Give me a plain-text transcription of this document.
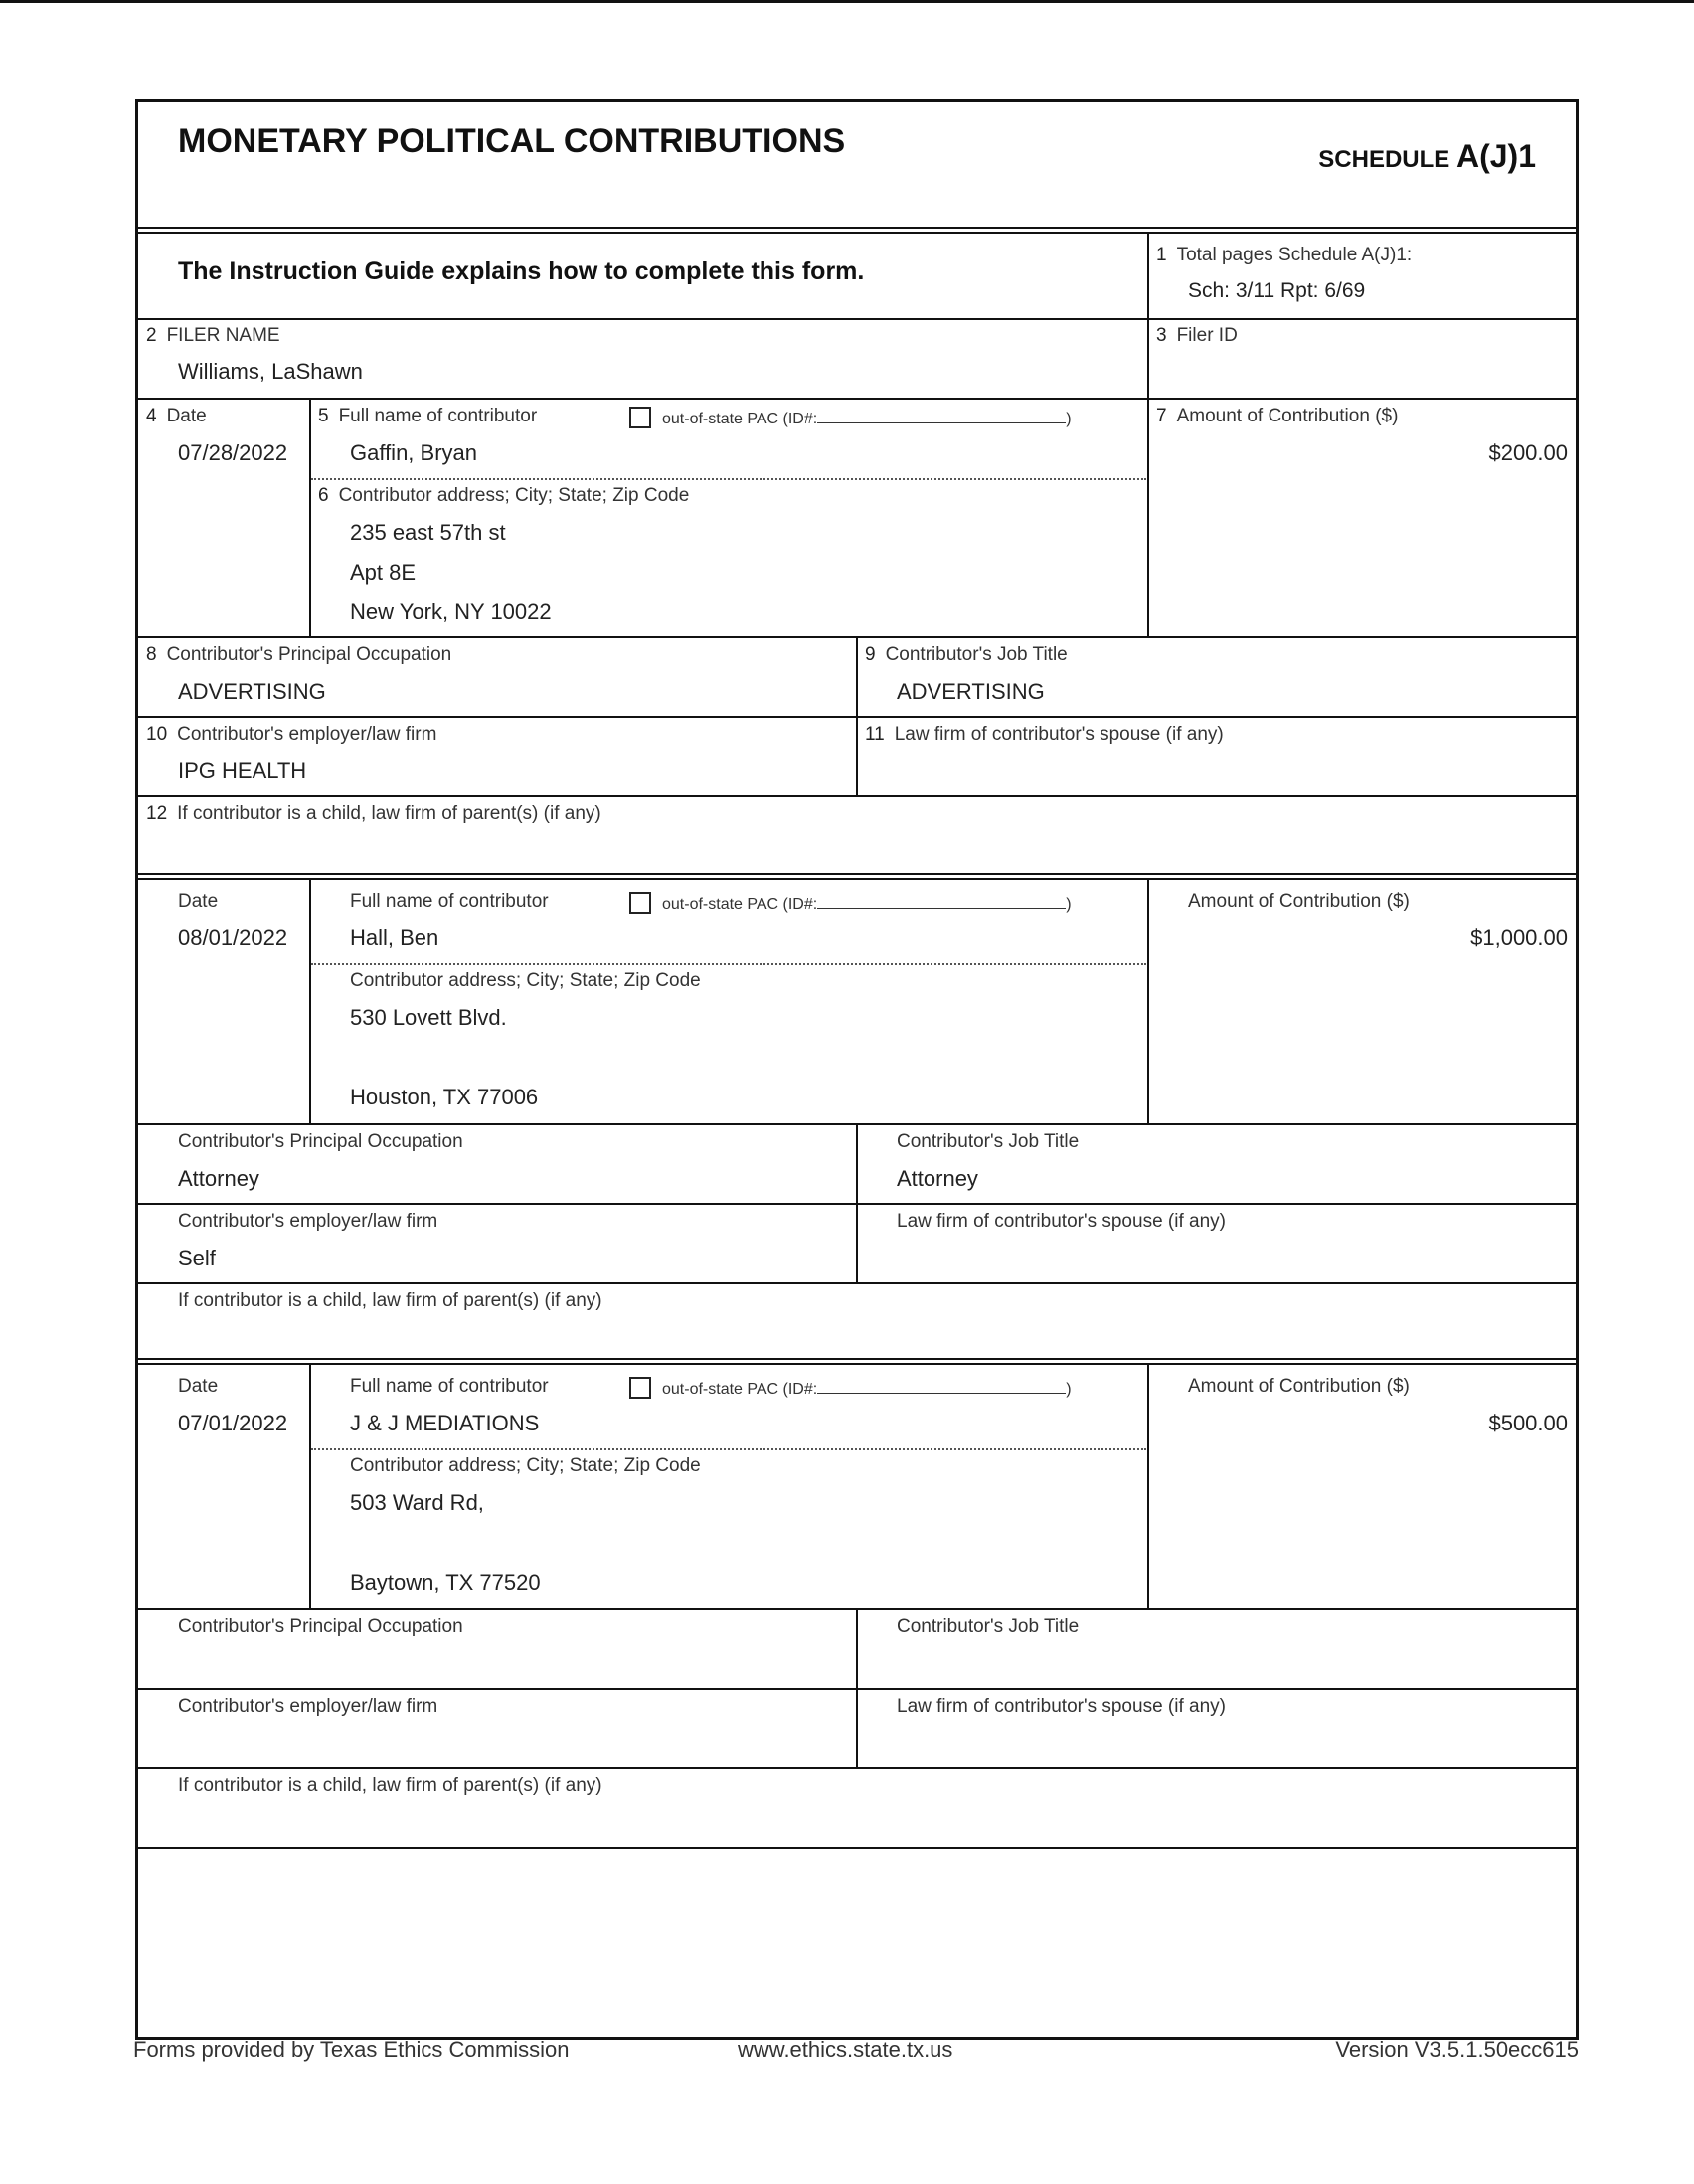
MONETARY POLITICAL CONTRIBUTIONS	SCHEDULE A(J)1
The Instruction Guide explains how to complete this form.
1 Total pages Schedule A(J)1:
Sch: 3/11 Rpt: 6/69
2 FILER NAME
Williams, LaShawn
3 Filer ID
4 Date
07/28/2022
5 Full name of contributor	out-of-state PAC (ID#:	)
Gaffin, Bryan
7 Amount of Contribution ($)
$200.00
6 Contributor address; City; State; Zip Code
235 east 57th st
Apt 8E
New York, NY 10022
8 Contributor's Principal Occupation
ADVERTISING
9 Contributor's Job Title
ADVERTISING
10 Contributor's employer/law firm
IPG HEALTH
11 Law firm of contributor's spouse (if any)
12 If contributor is a child, law firm of parent(s) (if any)
Date
08/01/2022
Full name of contributor	out-of-state PAC (ID#:	)
Hall, Ben
Amount of Contribution ($)
$1,000.00
Contributor address; City; State; Zip Code
530 Lovett Blvd.
Houston, TX 77006
Contributor's Principal Occupation
Attorney
Contributor's Job Title
Attorney
Contributor's employer/law firm
Self
Law firm of contributor's spouse (if any)
If contributor is a child, law firm of parent(s) (if any)
Date
07/01/2022
Full name of contributor	out-of-state PAC (ID#:	)
J & J MEDIATIONS
Amount of Contribution ($)
$500.00
Contributor address; City; State; Zip Code
503 Ward Rd,
Baytown, TX 77520
Contributor's Principal Occupation	Contributor's Job Title
Contributor's employer/law firm	Law firm of contributor's spouse (if any)
If contributor is a child, law firm of parent(s) (if any)
Forms provided by Texas Ethics Commission	www.ethics.state.tx.us	Version V3.5.1.50ecc615
